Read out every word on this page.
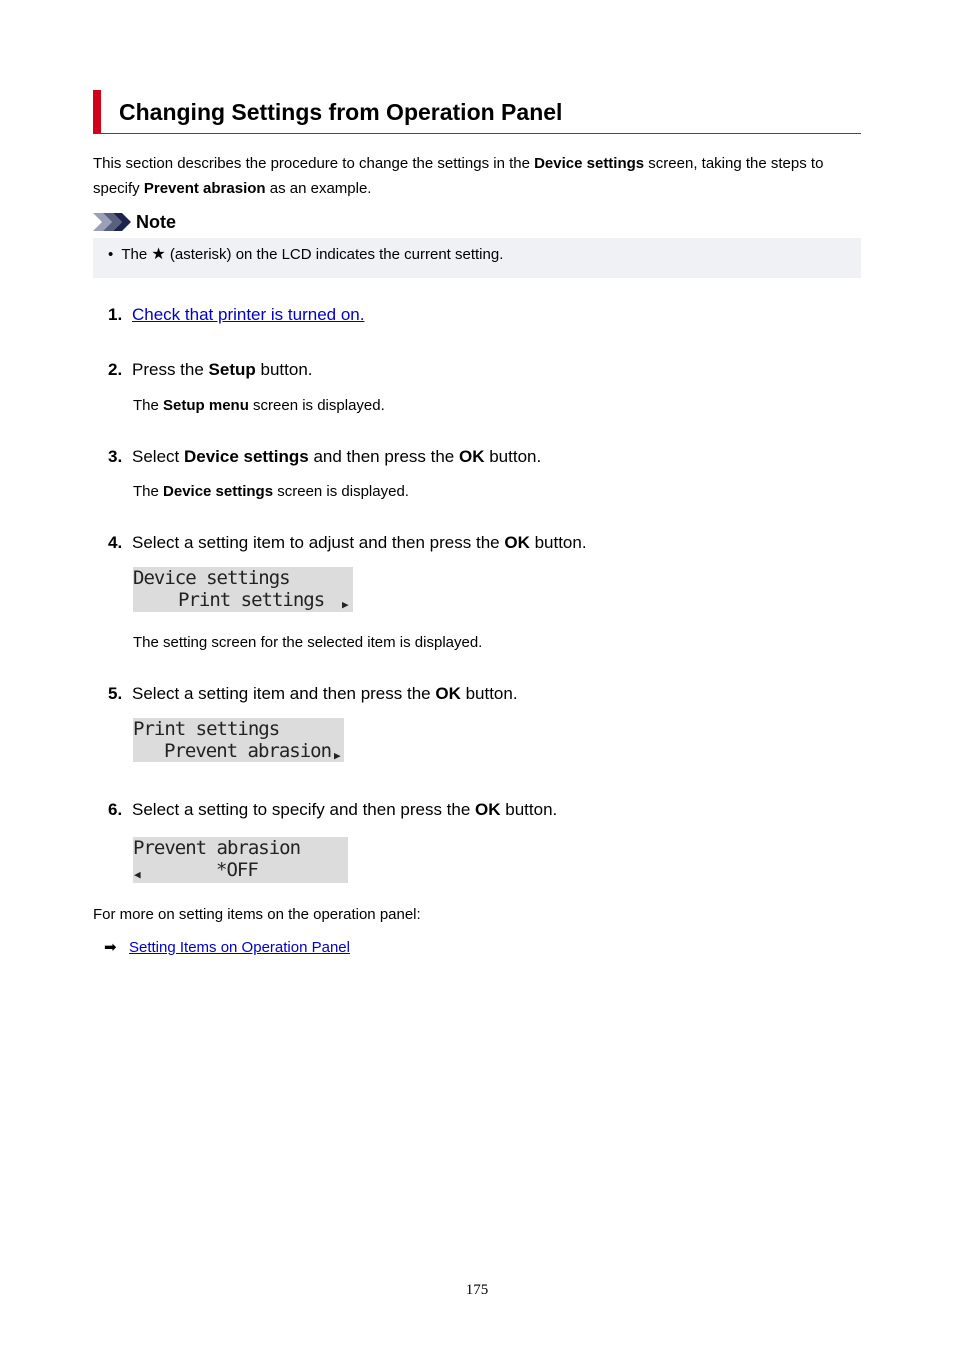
Changing Settings from Operation Panel
This section describes the procedure to change the settings in the Device settings screen, taking the steps to specify Prevent abrasion as an example.
Note
• The ★ (asterisk) on the LCD indicates the current setting.
1. Check that printer is turned on.
2. Press the Setup button.
The Setup menu screen is displayed.
3. Select Device settings and then press the OK button.
The Device settings screen is displayed.
4. Select a setting item to adjust and then press the OK button.
Device settings
Print settings ▶
The setting screen for the selected item is displayed.
5. Select a setting item and then press the OK button.
Print settings
Prevent abrasion ▶
6. Select a setting to specify and then press the OK button.
Prevent abrasion
◀	*OFF
For more on setting items on the operation panel:
➡ Setting Items on Operation Panel
175
